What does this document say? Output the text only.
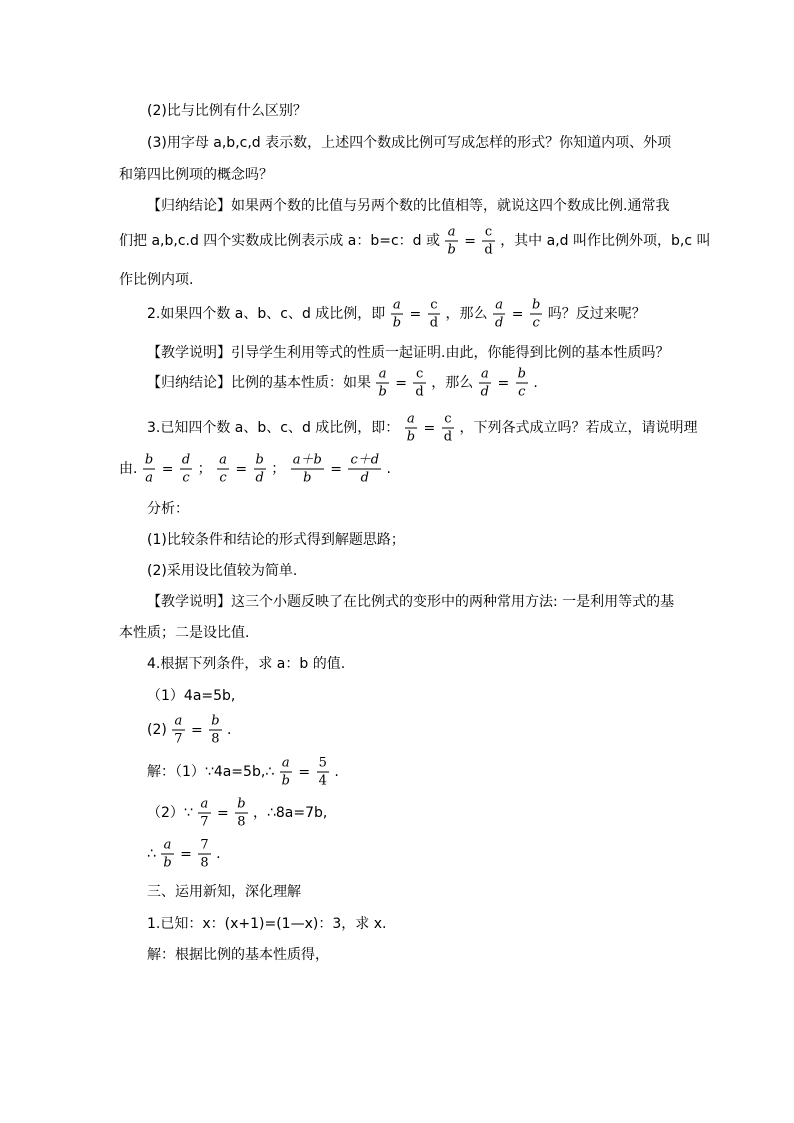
(2)比与比例有什么区别？
(3)用字母 a,b,c,d 表示数，上述四个数成比例可写成怎样的形式？你知道内项、外项
和第四比例项的概念吗？
【归纳结论】如果两个数的比值与另两个数的比值相等，就说这四个数成比例.通常我
们把 a,b,c.d 四个实数成比例表示成 a：b=c：d 或 $\frac{a}{b} = \frac{c}{d}$ ，其中 a,d 叫作比例外项，b,c 叫
作比例内项.
2.如果四个数 a、b、c、d 成比例，即 $\frac{a}{b} = \frac{c}{d}$ ，那么 $\frac{a}{d} = \frac{b}{c}$ 吗？反过来呢？
【教学说明】引导学生利用等式的性质一起证明.由此，你能得到比例的基本性质吗？
【归纳结论】比例的基本性质：如果 $\frac{a}{b} = \frac{c}{d}$ ，那么 $\frac{a}{d} = \frac{b}{c}$ .
3.已知四个数 a、b、c、d 成比例，即： $\frac{a}{b} = \frac{c}{d}$ ，下列各式成立吗？若成立，请说明理
由. $\frac{b}{a} = \frac{d}{c}$ ； $\frac{a}{c} = \frac{b}{d}$ ； $\frac{a+b}{b} = \frac{c+d}{d}$ .
分析：
(1)比较条件和结论的形式得到解题思路；
(2)采用设比值较为简单.
【教学说明】这三个小题反映了在比例式的变形中的两种常用方法: 一是利用等式的基
本性质；二是设比值.
4.根据下列条件，求 a：b 的值.
（1）4a=5b,
$(2) \frac{a}{7} = \frac{b}{8}$ .
解：（1）∵4a=5b,∴ $\frac{a}{b} = \frac{5}{4}$ .
（2）∵ $\frac{a}{7} = \frac{b}{8}$ ，∴8a=7b,
∴ $\frac{a}{b} = \frac{7}{8}$ .
三、运用新知，深化理解
1.已知：x：(x+1)=(1—x)：3，求 x.
解：根据比例的基本性质得，
